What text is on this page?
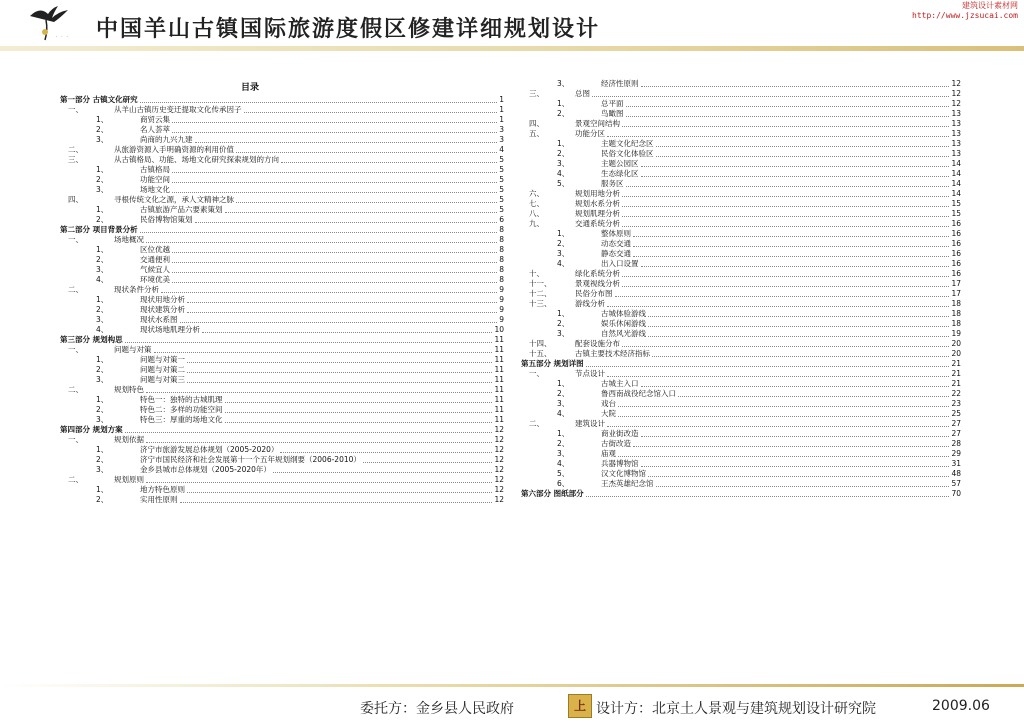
· · · 中国羊山古镇国际旅游度假区修建详细规划设计
建筑设计素材网
http://www.jzsucai.com
目录
第一部分 古镇文化研究	1
一、	从羊山古镇历史变迁提取文化传承因子	1
1、	商贸云集	1
2、	名人荟萃	3
3、	尚商的九兴九建	3
二、	从旅游资源入手明确资源的利用价值	4
三、	从古镇格局、功能、场地文化研究探索规划的方向	5
1、	古镇格局	5
2、	功能空间	5
3、	场地文化	5
四、	寻根传统文化之源，承人文精神之脉	5
1、	古镇旅游产品六要素策划	5
2、	民俗博物馆策划	6
第二部分 项目背景分析	8
一、	场地概况	8
1、	区位优越	8
2、	交通便利	8
3、	气候宜人	8
4、	环境优美	8
二、	现状条件分析	9
1、	现状用地分析	9
2、	现状建筑分析	9
3、	现状水系图	9
4、	现状场地肌理分析	10
第三部分 规划构思	11
一、	问题与对策	11
1、	问题与对策一	11
2、	问题与对策二	11
3、	问题与对策三	11
二、	规划特色	11
1、	特色一：独特的古城肌理	11
2、	特色二：多样的功能空间	11
3、	特色三：厚重的场地文化	11
第四部分 规划方案	12
一、	规划依据	12
1、	济宁市旅游发展总体规划（2005-2020）	12
2、	济宁市国民经济和社会发展第十一个五年规划纲要（2006-2010）	12
3、	金乡县城市总体规划（2005-2020年）	12
二、	规划原则	12
1、	地方特色原则	12
2、	实用性原则	12
3、	经济性原则	12
三、	总图	12
1、	总平面	12
2、	鸟瞰图	13
四、	景观空间结构	13
五、	功能分区	13
1、	主题文化纪念区	13
2、	民俗文化体验区	13
3、	主题公园区	14
4、	生态绿化区	14
5、	服务区	14
六、	规划用地分析	14
七、	规划水系分析	15
八、	规划肌理分析	15
九、	交通系统分析	16
1、	整体原则	16
2、	动态交通	16
3、	静态交通	16
4、	出入口设置	16
十、	绿化系统分析	16
十一、	景观视线分析	17
十二、	民俗分布图	17
十三、	游线分析	18
1、	古城体验游线	18
2、	娱乐休闲游线	18
3、	自然风光游线	19
十四、	配套设施分布	20
十五、	古镇主要技术经济指标	20
第五部分 规划详图	21
一、	节点设计	21
1、	古城主入口	21
2、	鲁西南战役纪念馆入口	22
3、	戏台	23
4、	大院	25
二、	建筑设计	27
1、	商业街改造	27
2、	古街改造	28
3、	庙观	29
4、	兵器博物馆	31
5、	汉文化博物馆	48
6、	王杰英雄纪念馆	57
第六部分 图纸部分	70
委托方：金乡县人民政府	上 设计方：北京土人景观与建筑规划设计研究院	2009.06
